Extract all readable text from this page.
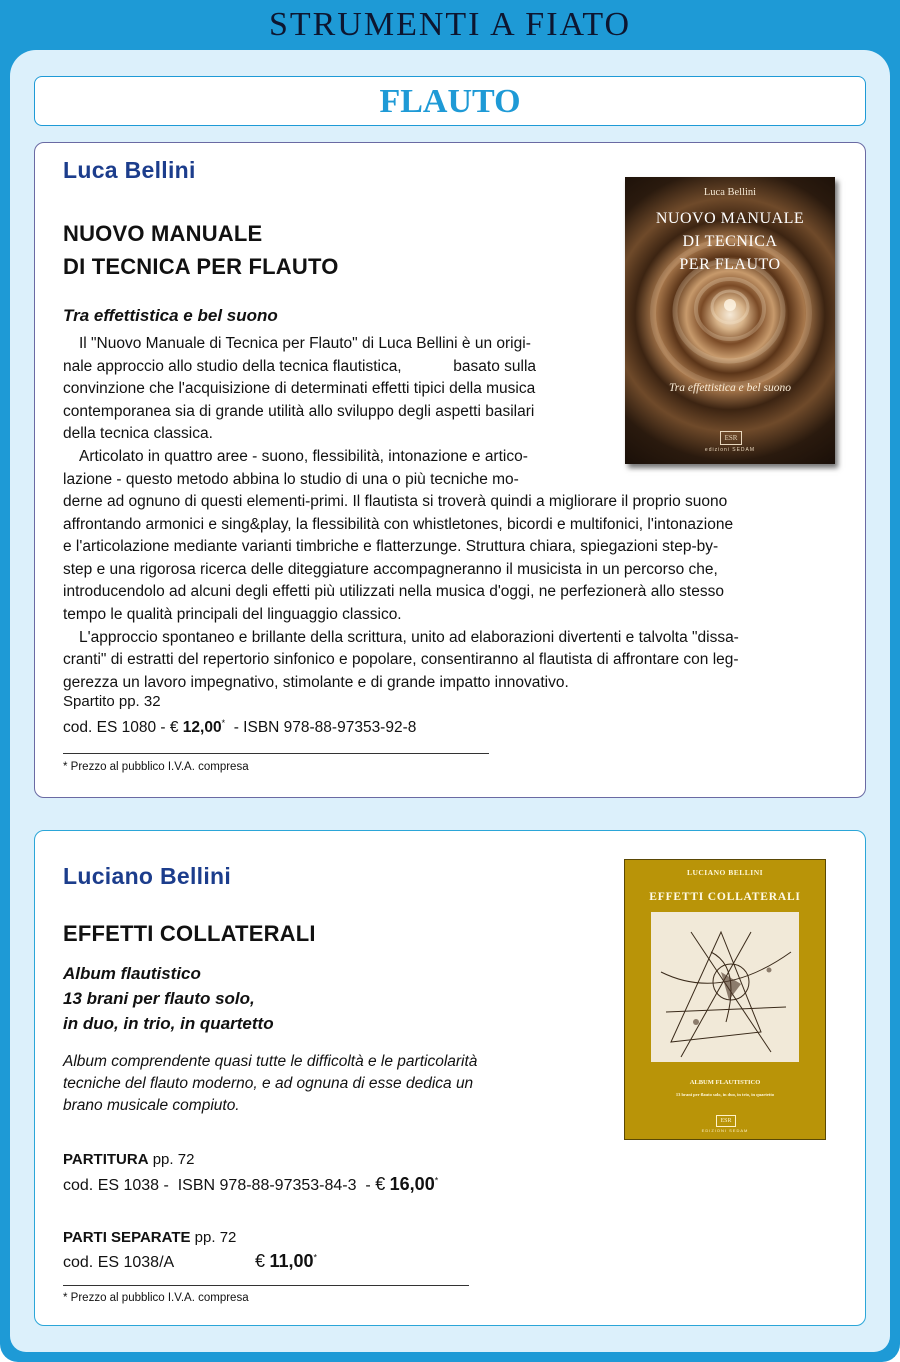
STRUMENTI A FIATO
FLAUTO
Luca Bellini
NUOVO MANUALE
DI TECNICA PER FLAUTO
Tra effettistica e bel suono

Il "Nuovo Manuale di Tecnica per Flauto" di Luca Bellini è un origi-

nale approccio allo studio della tecnica flautistica,            basato sulla
convinzione che l'acquisizione di determinati effetti tipici della musica
contemporanea sia di grande utilità allo sviluppo degli aspetti basilari
della tecnica classica.

Articolato in quattro aree - suono, flessibilità, intonazione e artico-

lazione - questo metodo abbina lo studio di una o più tecniche mo-
derne ad ognuno di questi elementi-primi. Il flautista si troverà quindi a migliorare il proprio suono
affrontando armonici e sing&play, la flessibilità con whistletones, bicordi e multifonici, l'intonazione
e l'articolazione mediante varianti timbriche e flatterzunge. Struttura chiara, spiegazioni step-by-
step e una rigorosa ricerca delle diteggiature accompagneranno il musicista in un percorso che,
introducendolo ad alcuni degli effetti più utilizzati nella musica d'oggi, ne perfezionerà allo stesso
tempo le qualità principali del linguaggio classico.

L'approccio spontaneo e brillante della scrittura, unito ad elaborazioni divertenti e talvolta "dissa-

cranti" di estratti del repertorio sinfonico e popolare, consentiranno al flautista di affrontare con leg-
gerezza un lavoro impegnativo, stimolante e di grande impatto innovativo.
Spartito pp. 32
cod. ES 1080 - € 12,00*  - ISBN 978-88-97353-92-8
* Prezzo al pubblico I.V.A. compresa
Luca Bellini
NUOVO MANUALE
DI TECNICA
PER FLAUTO
Tra effettistica e bel suono
ESR
edizioni SEDAM
Luciano Bellini
EFFETTI COLLATERALI
Album flautistico
13 brani per flauto solo,
in duo, in trio, in quartetto
Album comprendente quasi tutte le difficoltà e le particolarità
tecniche del flauto moderno, e ad ognuna di esse dedica un
brano musicale compiuto.
PARTITURA pp. 72
cod. ES 1038 -  ISBN 978-88-97353-84-3  - € 16,00*
PARTI SEPARATE pp. 72
cod. ES 1038/A	€ 11,00*
* Prezzo al pubblico I.V.A. compresa
LUCIANO BELLINI
EFFETTI COLLATERALI
ALBUM FLAUTISTICO
13 brani per flauto solo, in duo, in trio, in quartetto
ESR
EDIZIONI SEDAM
